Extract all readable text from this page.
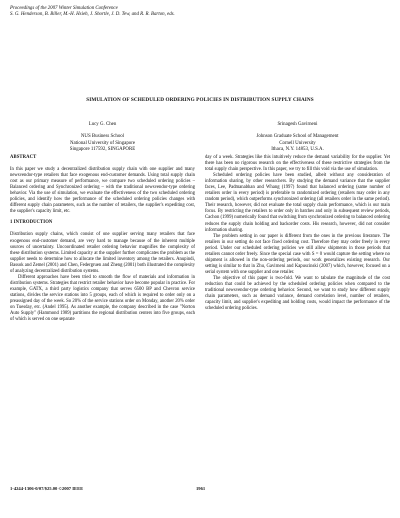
Proceedings of the 2007 Winter Simulation Conference
S. G. Henderson, B. Biller, M.-H. Hsieh, J. Shortle, J. D. Tew, and R. R. Barton, eds.
SIMULATION OF SCHEDULED ORDERING POLICIES IN DISTRIBUTION SUPPLY CHAINS
Lucy G. Chen
NUS Business School
National University of Singapore
Singapore 117592, SINGAPORE
Srinagesh Gavirneni
Johnson Graduate School of Management
Cornell University
Ithaca, N.Y. 14853, U.S.A.
ABSTRACT

In this paper we study a decentralized distribution supply chain with one supplier and many newsvendor-type retailers that face exogenous end-customer demands. Using total supply chain cost as our primary measure of performance, we compare two scheduled ordering policies – Balanced ordering and Synchronized ordering – with the traditional newsvendor-type ordering behavior. Via the use of simulation, we evaluate the effectiveness of the two scheduled ordering policies, and identify how the performance of the scheduled ordering policies changes with different supply chain parameters, such as the number of retailers, the supplier's expediting cost, the supplier's capacity limit, etc.

1 INTRODUCTION

Distribution supply chains, which consist of one supplier serving many retailers that face exogenous end-customer demand, are very hard to manage because of the inherent multiple sources of uncertainty. Uncoordinated retailer ordering behavior magnifies the complexity of these distribution systems. Limited capacity at the supplier further complicates the problem as the supplier needs to determine how to allocate the limited inventory among the retailers. Anupindi, Bassok and Zemel (2001) and Chen, Federgruen and Zheng (2001) both illustrated the complexity of analyzing decentralized distribution systems.

Different approaches have been tried to smooth the flow of materials and information in distribution systems. Strategies that restrict retailer behavior have become popular in practice. For example, GATX, a third party logistics company that serves 6500 BP and Chevron service stations, divides the service stations into 5 groups, each of which is required to order only on a preassigned day of the week. So 20% of the service stations order on Monday, another 20% order on Tuesday, etc. (Andel 1995). As another example, the company described in the case "Norton Auto Supply" (Hammond 1989) partitions the regional distribution centers into five groups, each of which is served on one separate

day of a week. Strategies like this intuitively reduce the demand variability for the supplier. Yet there has been no rigorous research on the effectiveness of these restrictive strategies from the total supply chain perspective. In this paper, we try to fill this void via the use of simulation.

Scheduled ordering policies have been studied, albeit without any consideration of information sharing, by other researchers. By studying the demand variance that the supplier faces, Lee, Padmanabhan and Whang (1997) found that balanced ordering (same number of retailers order in every period) is preferable to randomized ordering (retailers may order in any random period), which outperforms synchronized ordering (all retailers order in the same period). Their research, however, did not evaluate the total supply chain performance, which is our main focus. By restricting the retailers to order only in batches and only in subsequent review periods, Cachon (1999) numerically found that switching from synchronized ordering to balanced ordering reduces the supply chain holding and backorder costs. His research, however, did not consider information sharing.

The problem setting in our paper is different from the ones in the previous literature. The retailers in our setting do not face fixed ordering cost. Therefore they may order freely in every period. Under our scheduled ordering policies we still allow shipments in those periods that retailers cannot order freely. Since the special case with S = 0 would capture the setting where no shipment is allowed in the non-ordering periods, our work generalizes existing research. Our setting is similar to that in Zhu, Gavirneni and Kapuscinski (2007) which, however, focused on a serial system with one supplier and one retailer.

The objective of this paper is two-fold. We want to tabulate the magnitude of the cost reduction that could be achieved by the scheduled ordering policies when compared to the traditional newsvendor-type ordering behavior. Second, we want to study how different supply chain parameters, such as demand variance, demand correlation level, number of retailers, capacity limit, and supplier's expediting and holding costs, would impact the performance of the scheduled ordering policies.

1-4244-1306-0/07/$25.00 ©2007 IEEE	1961
